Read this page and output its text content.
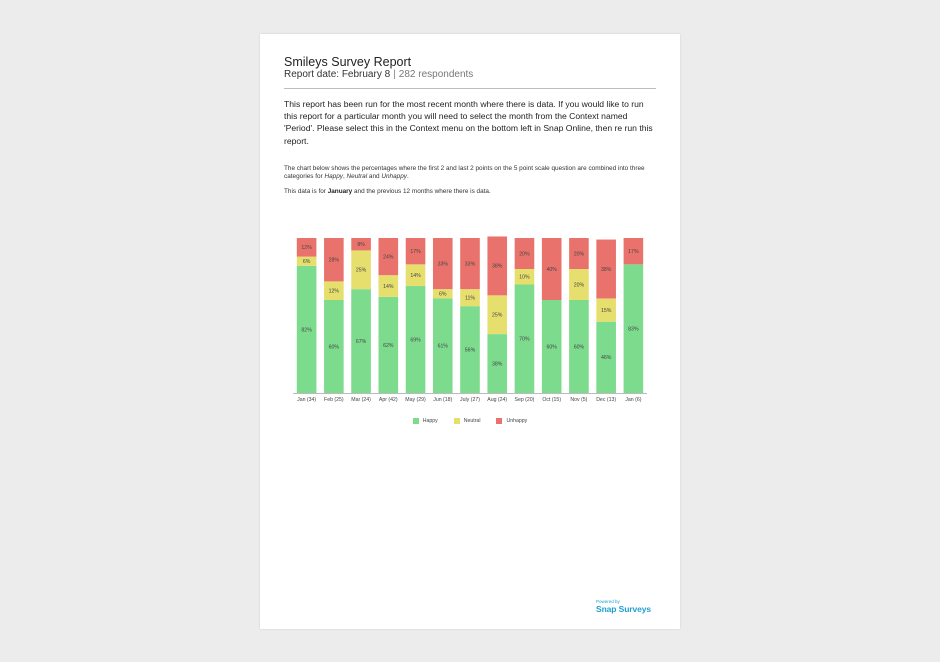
Smileys Survey Report
Report date: February 8 | 282 respondents
This report has been run for the most recent month where there is data. If you would like to run this report for a particular month you will need to select the month from the Context named 'Period'. Please select this in the Context menu on the bottom left in Snap Online, then re run this report.
The chart below shows the percentages where the first 2 and last 2 points on the 5 point scale question are combined into three categories for Happy, Neutral and Unhappy.
This data is for January and the previous 12 months where there is data.
82%
6%
12%
Jan (34)
60%
12%
28%
Feb (25)
67%
25%
8%
Mar (24)
62%
14%
24%
Apr (42)
69%
14%
17%
May (29)
61%
6%
33%
Jun (18)
56%
11%
33%
July (27)
38%
25%
38%
Aug (24)
70%
10%
20%
Sep (20)
60%
40%
Oct (15)
60%
20%
20%
Nov (5)
46%
15%
38%
Dec (13)
83%
17%
Jan (6)
Happy	Neutral	Unhappy
Powered by
Snap Surveys
